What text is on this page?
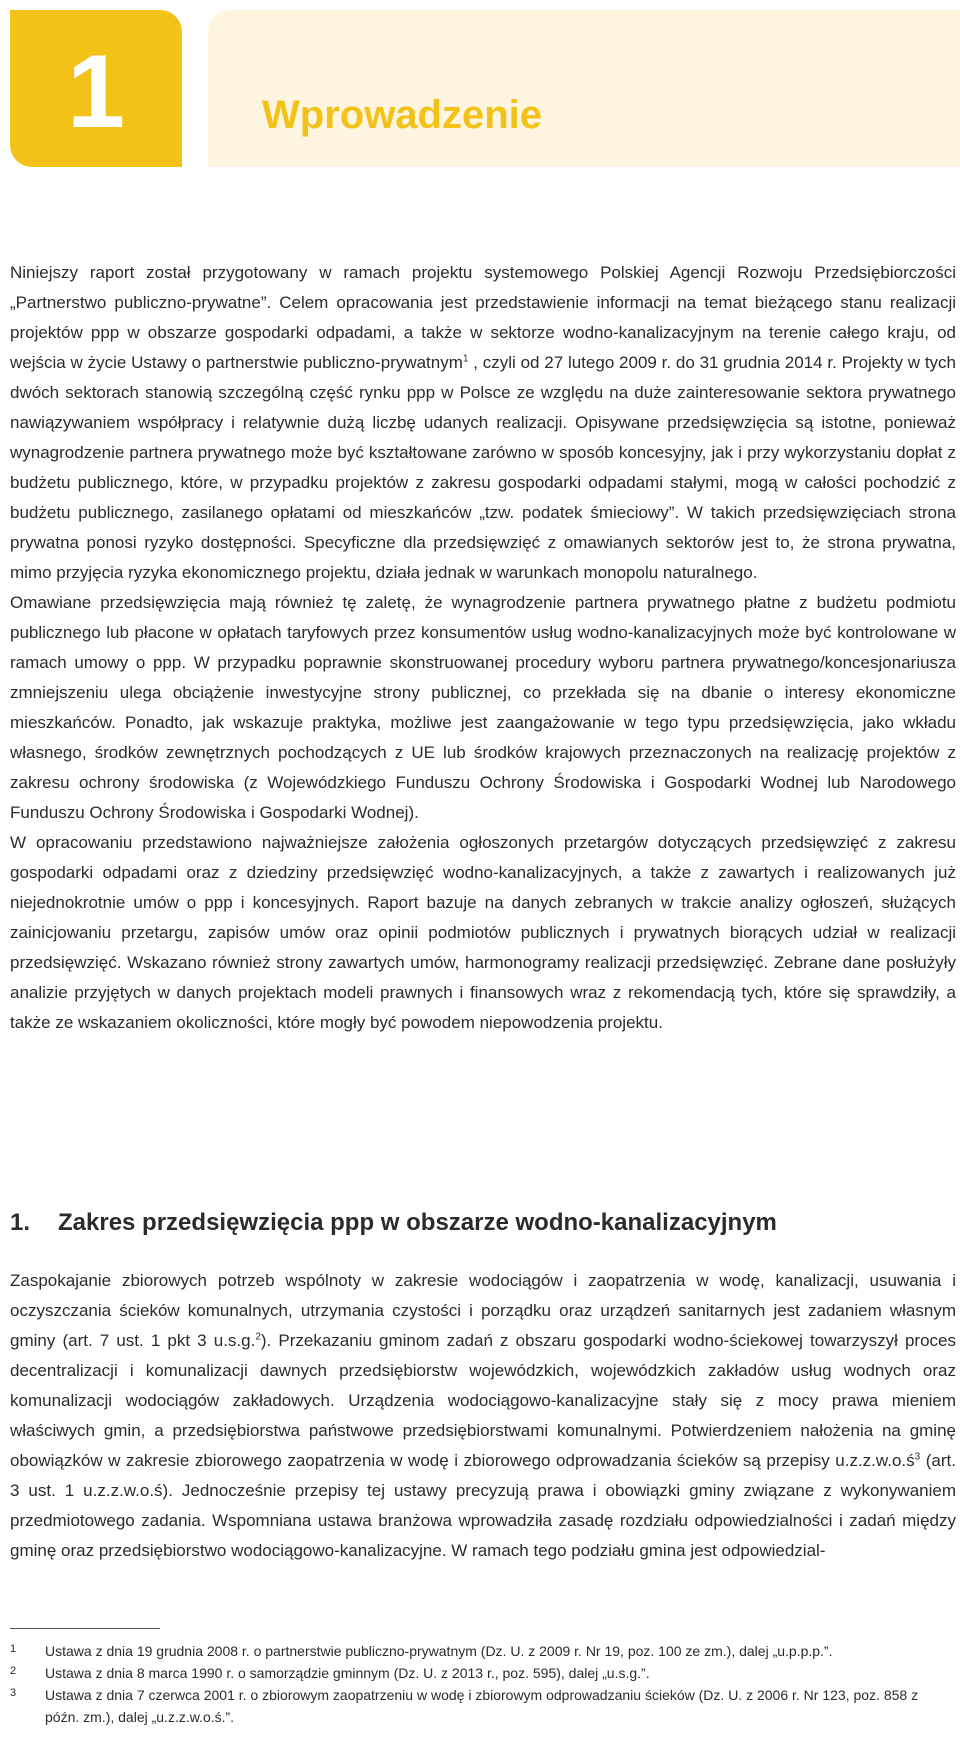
1	Wprowadzenie

Niniejszy raport został przygotowany w ramach projektu systemowego Polskiej Agencji Rozwoju Przedsiębiorczości „Partnerstwo publiczno-prywatne”. Celem opracowania jest przedstawienie informacji na temat bieżącego stanu realizacji projektów ppp w obszarze gospodarki odpadami, a także w sektorze wodno-kanalizacyjnym na terenie całego kraju, od wejścia w życie Ustawy o partnerstwie publiczno-prywatnym$^1$ , czyli od 27 lutego 2009 r. do 31 grudnia 2014 r. Projekty w tych dwóch sektorach stanowią szczególną część rynku ppp w Polsce ze względu na duże zainteresowanie sektora prywatnego nawiązywaniem współpracy i relatywnie dużą liczbę udanych realizacji. Opisywane przedsięwzięcia są istotne, ponieważ wynagrodzenie partnera prywatnego może być kształtowane zarówno w sposób koncesyjny, jak i przy wykorzystaniu dopłat z budżetu publicznego, które, w przypadku projektów z zakresu gospodarki odpadami stałymi, mogą w całości pochodzić z budżetu publicznego, zasilanego opłatami od mieszkańców „tzw. podatek śmieciowy”. W takich przedsięwzięciach strona prywatna ponosi ryzyko dostępności. Specyficzne dla przedsięwzięć z omawianych sektorów jest to, że strona prywatna, mimo przyjęcia ryzyka ekonomicznego projektu, działa jednak w warunkach monopolu naturalnego.

Omawiane przedsięwzięcia mają również tę zaletę, że wynagrodzenie partnera prywatnego płatne z budżetu podmiotu publicznego lub płacone w opłatach taryfowych przez konsumentów usług wodno-kanalizacyjnych może być kontrolowane w ramach umowy o ppp. W przypadku poprawnie skonstruowanej procedury wyboru partnera prywatnego/koncesjonariusza zmniejszeniu ulega obciążenie inwestycyjne strony publicznej, co przekłada się na dbanie o interesy ekonomiczne mieszkańców. Ponadto, jak wskazuje praktyka, możliwe jest zaangażowanie w tego typu przedsięwzięcia, jako wkładu własnego, środków zewnętrznych pochodzących z UE lub środków krajowych przeznaczonych na realizację projektów z zakresu ochrony środowiska (z Wojewódzkiego Funduszu Ochrony Środowiska i Gospodarki Wodnej lub Narodowego Funduszu Ochrony Środowiska i Gospodarki Wodnej).

W opracowaniu przedstawiono najważniejsze założenia ogłoszonych przetargów dotyczących przedsięwzięć z zakresu gospodarki odpadami oraz z dziedziny przedsięwzięć wodno-kanalizacyjnych, a także z zawartych i realizowanych już niejednokrotnie umów o ppp i koncesyjnych. Raport bazuje na danych zebranych w trakcie analizy ogłoszeń, służących zainicjowaniu przetargu, zapisów umów oraz opinii podmiotów publicznych i prywatnych biorących udział w realizacji przedsięwzięć. Wskazano również strony zawartych umów, harmonogramy realizacji przedsięwzięć. Zebrane dane posłużyły analizie przyjętych w danych projektach modeli prawnych i finansowych wraz z rekomendacją tych, które się sprawdziły, a także ze wskazaniem okoliczności, które mogły być powodem niepowodzenia projektu.

1. Zakres przedsięwzięcia ppp w obszarze wodno-kanalizacyjnym

Zaspokajanie zbiorowych potrzeb wspólnoty w zakresie wodociągów i zaopatrzenia w wodę, kanalizacji, usuwania i oczyszczania ścieków komunalnych, utrzymania czystości i porządku oraz urządzeń sanitarnych jest zadaniem własnym gminy (art. 7 ust. 1 pkt 3 u.s.g.$^2$). Przekazaniu gminom zadań z obszaru gospodarki wodno-ściekowej towarzyszył proces decentralizacji i komunalizacji dawnych przedsiębiorstw wojewódzkich, wojewódzkich zakładów usług wodnych oraz komunalizacji wodociągów zakładowych. Urządzenia wodociągowo-kanalizacyjne stały się z mocy prawa mieniem właściwych gmin, a przedsiębiorstwa państwowe przedsiębiorstwami komunalnymi. Potwierdzeniem nałożenia na gminę obowiązków w zakresie zbiorowego zaopatrzenia w wodę i zbiorowego odprowadzania ścieków są przepisy $u.z.z.w.o.ś^3$ (art. 3 ust. 1 u.z.z.w.o.ś). Jednocześnie przepisy tej ustawy precyzują prawa i obowiązki gminy związane z wykonywaniem przedmiotowego zadania. Wspomniana ustawa branżowa wprowadziła zasadę rozdziału odpowiedzialności i zadań między gminę oraz przedsiębiorstwo wodociągowo-kanalizacyjne. W ramach tego podziału gmina jest odpowiedzial-

1	Ustawa z dnia 19 grudnia 2008 r. o partnerstwie publiczno-prywatnym (Dz. U. z 2009 r. Nr 19, poz. 100 ze zm.), dalej „u.p.p.p.”.
2	Ustawa z dnia 8 marca 1990 r. o samorządzie gminnym (Dz. U. z 2013 r., poz. 595), dalej „u.s.g.”.
3	Ustawa z dnia 7 czerwca 2001 r. o zbiorowym zaopatrzeniu w wodę i zbiorowym odprowadzaniu ścieków (Dz. U. z 2006 r. Nr 123, poz. 858 z późn. zm.), dalej „u.z.z.w.o.ś.”.
